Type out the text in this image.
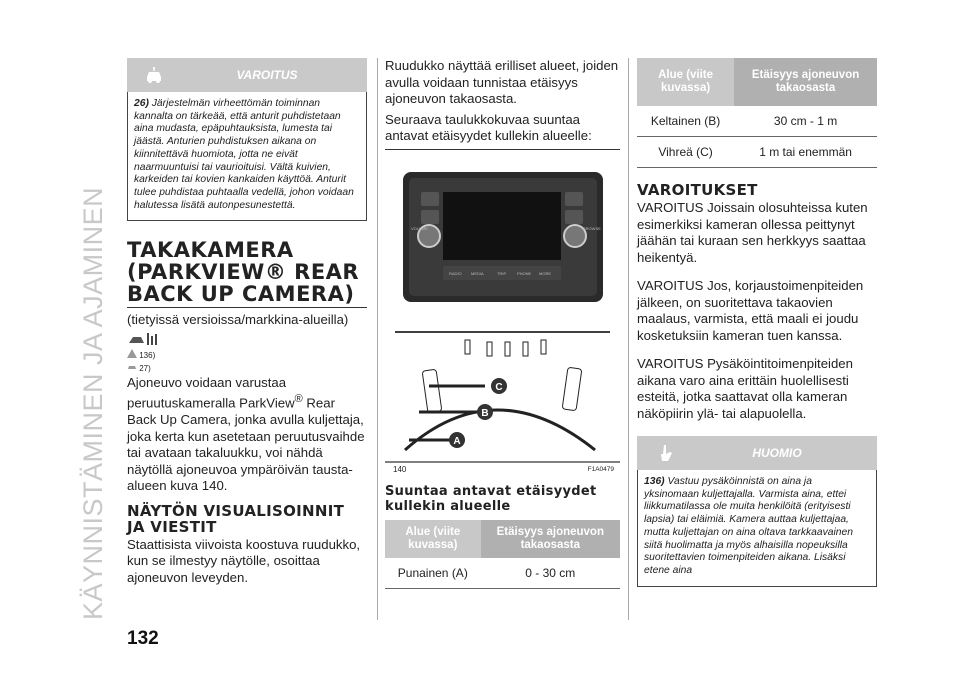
KÄYNNISTÄMINEN JA AJAMINEN
132
VAROITUS
26) Järjestelmän virheettömän toiminnan kannalta on tärkeää, että anturit puhdistetaan aina mudasta, epäpuhtauksista, lumesta tai jäästä. Anturien puhdistuksen aikana on kiinnitettävä huomiota, jotta ne eivät naarmuuntuisi tai vaurioituisi. Vältä kuivien, karkeiden tai kovien kankaiden käyttöä. Anturit tulee puhdistaa puhtaalla vedellä, johon voidaan halutessa lisätä autonpesunestettä.
TAKAKAMERA
(PARKVIEW® REAR
BACK UP CAMERA)

(tietyissä versioissa/markkina-alueilla)

136)
27)

Ajoneuvo voidaan varustaa peruutuskameralla ParkView® Rear Back Up Camera, jonka avulla kuljettaja, joka kerta kun asetetaan peruutusvaihde tai avataan takaluukku, voi nähdä näytöllä ajoneuvoa ympäröivän tausta-alueen kuva 140.

NÄYTÖN VISUALISOINNIT JA VIESTIT

Staattisista viivoista koostuva ruudukko, kun se ilmestyy näytölle, osoittaa ajoneuvon leveyden.

Ruudukko näyttää erilliset alueet, joiden avulla voidaan tunnistaa etäisyys ajoneuvon takaosasta.

Seuraava taulukkokuvaa suuntaa antavat etäisyydet kullekin alueelle:

RADIO MEDIA	TRIP	PHONE MORE
VOLUME	BROWSE
C
B
A
140	F1A0479
Suuntaa antavat etäisyydet kullekin alueelle
Alue (viite kuvassa)	Etäisyys ajoneuvon takaosasta
Punainen (A)	0 - 30 cm
Alue (viite kuvassa)	Etäisyys ajoneuvon takaosasta
Keltainen (B)	30 cm - 1 m
Vihreä (C)	1 m tai enemmän
VAROITUKSET

VAROITUS Joissain olosuhteissa kuten esimerkiksi kameran ollessa peittynyt jäähän tai kuraan sen herkkyys saattaa heikentyä.

VAROITUS Jos, korjaustoimenpiteiden jälkeen, on suoritettava takaovien maalaus, varmista, että maali ei joudu kosketuksiin kameran tuen kanssa.

VAROITUS Pysäköintitoimenpiteiden aikana varo aina erittäin huolellisesti esteitä, jotka saattavat olla kameran näköpiirin ylä- tai alapuolella.

HUOMIO
136) Vastuu pysäköinnistä on aina ja yksinomaan kuljettajalla. Varmista aina, ettei liikkumatilassa ole muita henkilöitä (erityisesti lapsia) tai eläimiä. Kamera auttaa kuljettajaa, mutta kuljettajan on aina oltava tarkkaavainen siitä huolimatta ja myös alhaisilla nopeuksilla suoritettavien toimenpiteiden aikana. Lisäksi etene aina
